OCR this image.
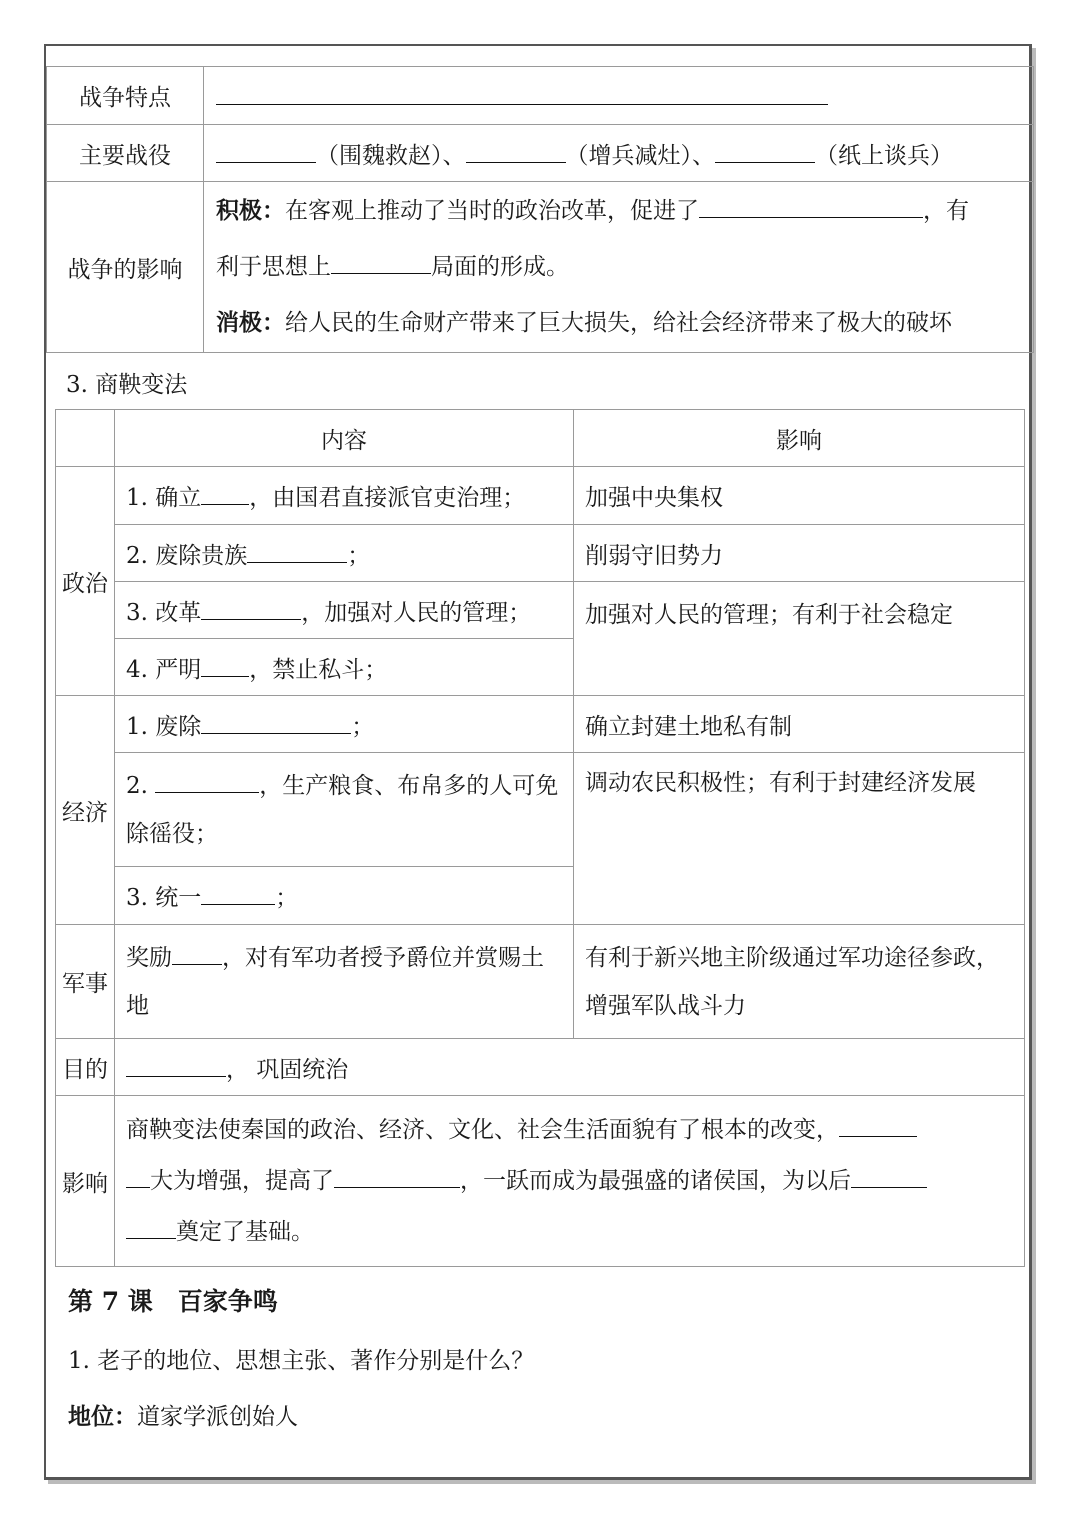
战争特点	
主要战役	（围魏救赵）、 （增兵减灶）、 （纸上谈兵）
战争的影响	积极：在客观上推动了当时的政治改革，促进了 ，有
利于思想上 局面的形成。
消极：给人民的生命财产带来了巨大损失，给社会经济带来了极大的破坏
3. 商鞅变法
	内容	影响
政治	1. 确立 ，由国君直接派官吏治理；	加强中央集权
	2. 废除贵族 ；	削弱守旧势力
	3. 改革 ，加强对人民的管理；	加强对人民的管理；有利于社会稳定
	4. 严明 ，禁止私斗；	
经济	1. 废除 ；	确立封建土地私有制
	2. ，生产粮食、布帛多的人可免除徭役；	调动农民积极性；有利于封建经济发展
	3. 统一 ；	
军事	奖励 ，对有军功者授予爵位并赏赐土地	有利于新兴地主阶级通过军功途径参政，增强军队战斗力
目的	， 巩固统治	
影响	商鞅变法使秦国的政治、经济、文化、社会生活面貌有了根本的改变，
大为增强，提高了 ，一跃而成为最强盛的诸侯国，为以后
奠定了基础。	
第 7 课　百家争鸣
1. 老子的地位、思想主张、著作分别是什么？
地位：道家学派创始人
